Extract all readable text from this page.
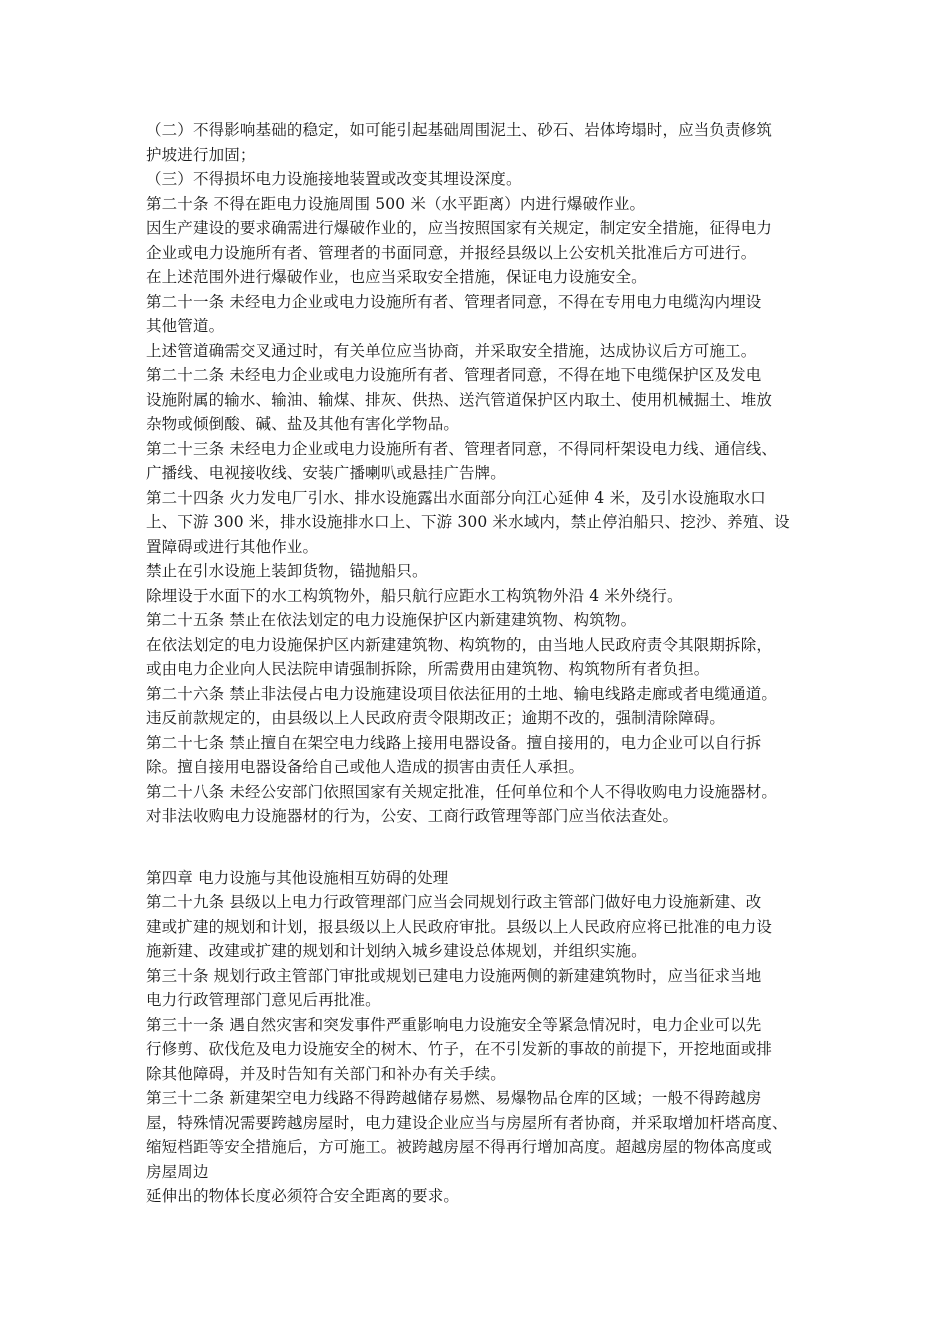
（二）不得影响基础的稳定，如可能引起基础周围泥土、砂石、岩体垮塌时，应当负责修筑
护坡进行加固；
（三）不得损坏电力设施接地装置或改变其埋设深度。
第二十条 不得在距电力设施周围 500 米（水平距离）内进行爆破作业。
因生产建设的要求确需进行爆破作业的，应当按照国家有关规定，制定安全措施，征得电力
企业或电力设施所有者、管理者的书面同意，并报经县级以上公安机关批准后方可进行。
在上述范围外进行爆破作业，也应当采取安全措施，保证电力设施安全。
第二十一条 未经电力企业或电力设施所有者、管理者同意，不得在专用电力电缆沟内埋设
其他管道。
上述管道确需交叉通过时，有关单位应当协商，并采取安全措施，达成协议后方可施工。
第二十二条 未经电力企业或电力设施所有者、管理者同意，不得在地下电缆保护区及发电
设施附属的输水、输油、输煤、排灰、供热、送汽管道保护区内取土、使用机械掘土、堆放
杂物或倾倒酸、碱、盐及其他有害化学物品。
第二十三条 未经电力企业或电力设施所有者、管理者同意，不得同杆架设电力线、通信线、
广播线、电视接收线、安装广播喇叭或悬挂广告牌。
第二十四条 火力发电厂引水、排水设施露出水面部分向江心延伸 4 米，及引水设施取水口
上、下游 300 米，排水设施排水口上、下游 300 米水域内，禁止停泊船只、挖沙、养殖、设
置障碍或进行其他作业。
禁止在引水设施上装卸货物，锚抛船只。
除埋设于水面下的水工构筑物外，船只航行应距水工构筑物外沿 4 米外绕行。
第二十五条 禁止在依法划定的电力设施保护区内新建建筑物、构筑物。
在依法划定的电力设施保护区内新建建筑物、构筑物的，由当地人民政府责令其限期拆除，
或由电力企业向人民法院申请强制拆除，所需费用由建筑物、构筑物所有者负担。
第二十六条 禁止非法侵占电力设施建设项目依法征用的土地、输电线路走廊或者电缆通道。
违反前款规定的，由县级以上人民政府责令限期改正；逾期不改的，强制清除障碍。
第二十七条 禁止擅自在架空电力线路上接用电器设备。擅自接用的，电力企业可以自行拆
除。擅自接用电器设备给自己或他人造成的损害由责任人承担。
第二十八条 未经公安部门依照国家有关规定批准，任何单位和个人不得收购电力设施器材。
对非法收购电力设施器材的行为，公安、工商行政管理等部门应当依法查处。
第四章 电力设施与其他设施相互妨碍的处理
第二十九条 县级以上电力行政管理部门应当会同规划行政主管部门做好电力设施新建、改
建或扩建的规划和计划，报县级以上人民政府审批。县级以上人民政府应将已批准的电力设
施新建、改建或扩建的规划和计划纳入城乡建设总体规划，并组织实施。
第三十条 规划行政主管部门审批或规划已建电力设施两侧的新建建筑物时，应当征求当地
电力行政管理部门意见后再批准。
第三十一条 遇自然灾害和突发事件严重影响电力设施安全等紧急情况时，电力企业可以先
行修剪、砍伐危及电力设施安全的树木、竹子，在不引发新的事故的前提下，开挖地面或排
除其他障碍，并及时告知有关部门和补办有关手续。
第三十二条 新建架空电力线路不得跨越储存易燃、易爆物品仓库的区域；一般不得跨越房
屋，特殊情况需要跨越房屋时，电力建设企业应当与房屋所有者协商，并采取增加杆塔高度、
缩短档距等安全措施后，方可施工。被跨越房屋不得再行增加高度。超越房屋的物体高度或
房屋周边
延伸出的物体长度必须符合安全距离的要求。
